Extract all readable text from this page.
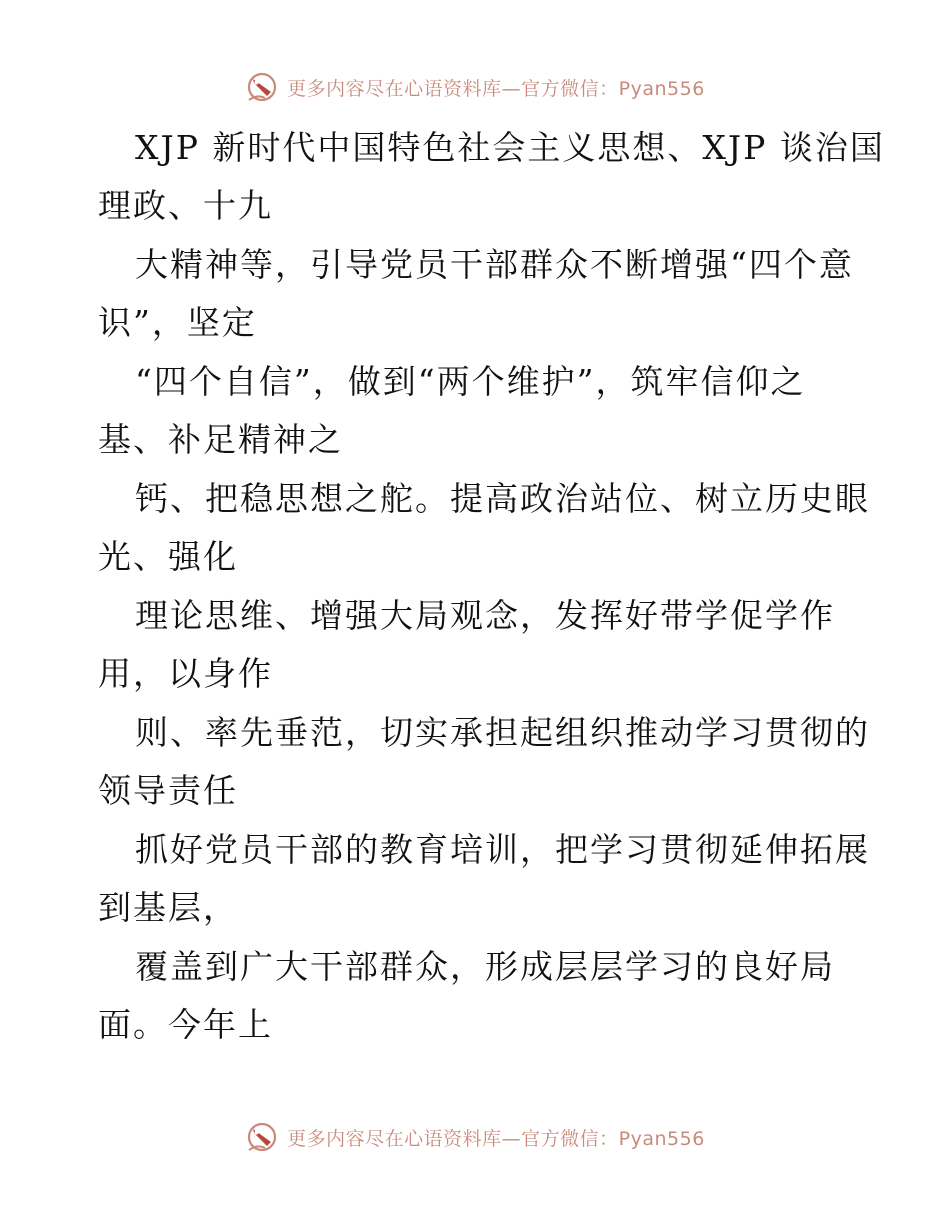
更多内容尽在心语资料库—官方微信：Pyan556
XJP 新时代中国特色社会主义思想、XJP 谈治国
理政、十九
大精神等，引导党员干部群众不断增强“四个意
识”，坚定
“四个自信”，做到“两个维护”，筑牢信仰之
基、补足精神之
钙、把稳思想之舵。提高政治站位、树立历史眼
光、强化
理论思维、增强大局观念，发挥好带学促学作
用，以身作
则、率先垂范，切实承担起组织推动学习贯彻的
领导责任
抓好党员干部的教育培训，把学习贯彻延伸拓展
到基层，
覆盖到广大干部群众，形成层层学习的良好局
面。今年上
更多内容尽在心语资料库—官方微信：Pyan556
